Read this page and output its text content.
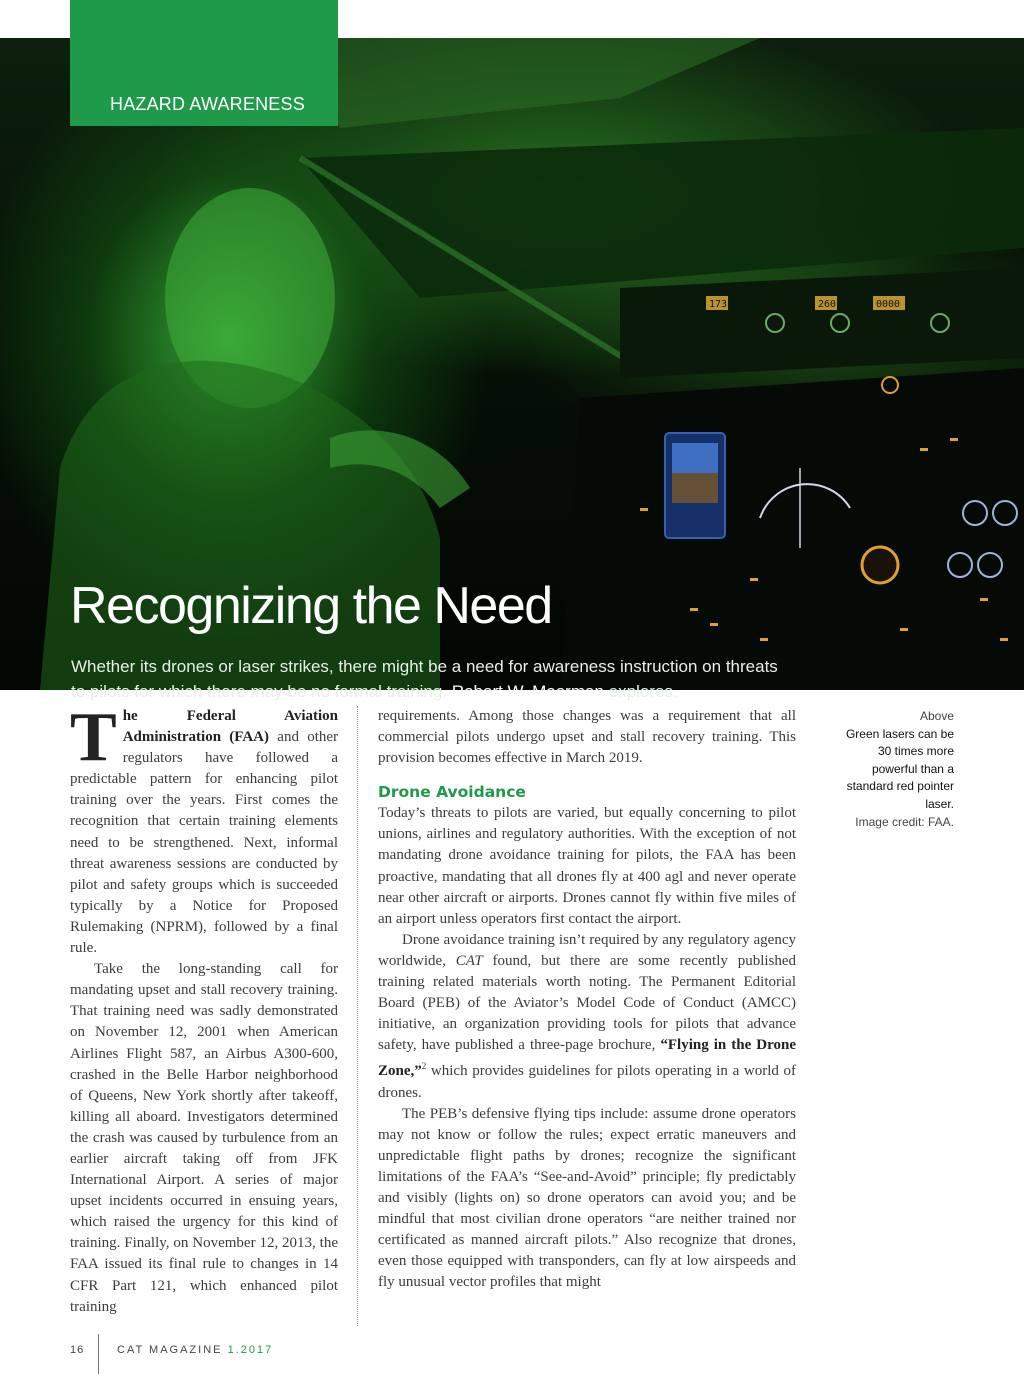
173	260	0000
HAZARD AWARENESS
Recognizing the Need

Whether its drones or laser strikes, there might be a need for awareness instruction on threats to pilots for which there may be no formal training. Robert W. Moorman explores.

The Federal Aviation Administration (FAA) and other regulators have followed a predictable pattern for enhancing pilot training over the years. First comes the recognition that certain training elements need to be strengthened. Next, informal threat awareness sessions are conducted by pilot and safety groups which is succeeded typically by a Notice for Proposed Rulemaking (NPRM), followed by a final rule.

Take the long-standing call for mandating upset and stall recovery training. That training need was sadly demonstrated on November 12, 2001 when American Airlines Flight 587, an Airbus A300-600, crashed in the Belle Harbor neighborhood of Queens, New York shortly after takeoff, killing all aboard. Investigators determined the crash was caused by turbulence from an earlier aircraft taking off from JFK International Airport. A series of major upset incidents occurred in ensuing years, which raised the urgency for this kind of training. Finally, on November 12, 2013, the FAA issued its final rule to changes in 14 CFR Part 121, which enhanced pilot training

requirements. Among those changes was a requirement that all commercial pilots undergo upset and stall recovery training. This provision becomes effective in March 2019.

Drone Avoidance

Today’s threats to pilots are varied, but equally concerning to pilot unions, airlines and regulatory authorities. With the exception of not mandating drone avoidance training for pilots, the FAA has been proactive, mandating that all drones fly at 400 agl and never operate near other aircraft or airports. Drones cannot fly within five miles of an airport unless operators first contact the airport.

Drone avoidance training isn’t required by any regulatory agency worldwide, CAT found, but there are some recently published training related materials worth noting. The Permanent Editorial Board (PEB) of the Aviator’s Model Code of Conduct (AMCC) initiative, an organization providing tools for pilots that advance safety, have published a three-page brochure, “Flying in the Drone Zone,”$^2$ which provides guidelines for pilots operating in a world of drones.

The PEB’s defensive flying tips include: assume drone operators may not know or follow the rules; expect erratic maneuvers and unpredictable flight paths by drones; recognize the significant limitations of the FAA’s “See-and-Avoid” principle; fly predictably and visibly (lights on) so drone operators can avoid you; and be mindful that most civilian drone operators “are neither trained nor certificated as manned aircraft pilots.” Also recognize that drones, even those equipped with transponders, can fly at low airspeeds and fly unusual vector profiles that might

Above
Green lasers can be 30 times more powerful than a standard red pointer laser.
Image credit: FAA.
16	CAT MAGAZINE 1.2017
